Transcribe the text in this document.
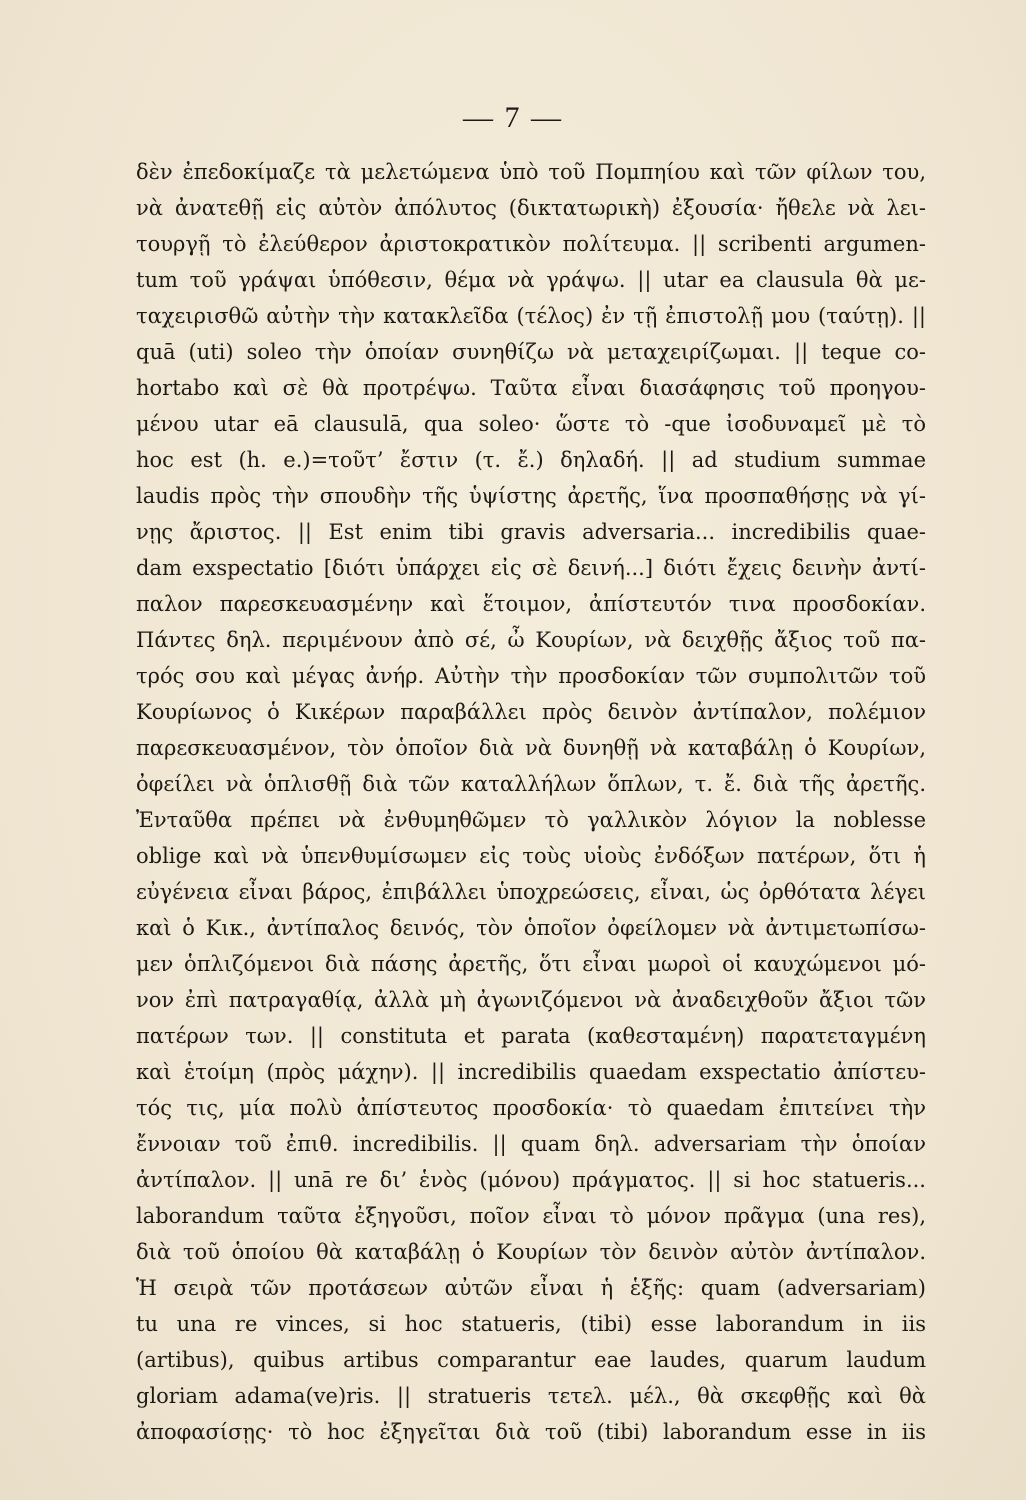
— 7 —
δὲν ἐπεδοκίμαζε τὰ μελετώμενα ὑπὸ τοῦ Πομπηίου καὶ τῶν φίλων του,
νὰ ἀνατεθῇ εἰς αὐτὸν ἀπόλυτος (δικτατωρικὴ) ἐξουσία· ἤθελε νὰ λει-
τουργῇ τὸ ἐλεύθερον ἀριστοκρατικὸν πολίτευμα. || scribenti argumen-
tum τοῦ γράψαι ὑπόθεσιν, θέμα νὰ γράψω. || utar ea clausula θὰ με-
ταχειρισθῶ αὐτὴν τὴν κατακλεῖδα (τέλος) ἐν τῇ ἐπιστολῇ μου (ταύτῃ). ||
quā (uti) soleo τὴν ὁποίαν συνηθίζω νὰ μεταχειρίζωμαι. || teque co-
hortabo καὶ σὲ θὰ προτρέψω. Ταῦτα εἶναι διασάφησις τοῦ προηγου-
μένου utar eā clausulā, qua soleo· ὥστε τὸ -que ἰσοδυναμεῖ μὲ τὸ
hoc est (h. e.)=τοῦτ’ ἔστιν (τ. ἔ.) δηλαδή. || ad studium summae
laudis πρὸς τὴν σπουδὴν τῆς ὑψίστης ἀρετῆς, ἵνα προσπαθήσῃς νὰ γί-
νῃς ἄριστος. || Est enim tibi gravis adversaria... incredibilis quae-
dam exspectatio [διότι ὑπάρχει εἰς σὲ δεινή...] διότι ἔχεις δεινὴν ἀντί-
παλον παρεσκευασμένην καὶ ἕτοιμον, ἀπίστευτόν τινα προσδοκίαν.
Πάντες δηλ. περιμένουν ἀπὸ σέ, ὦ Κουρίων, νὰ δειχθῇς ἄξιος τοῦ πα-
τρός σου καὶ μέγας ἀνήρ. Αὐτὴν τὴν προσδοκίαν τῶν συμπολιτῶν τοῦ
Κουρίωνος ὁ Κικέρων παραβάλλει πρὸς δεινὸν ἀντίπαλον, πολέμιον
παρεσκευασμένον, τὸν ὁποῖον διὰ νὰ δυνηθῇ νὰ καταβάλῃ ὁ Κουρίων,
ὀφείλει νὰ ὁπλισθῇ διὰ τῶν καταλλήλων ὅπλων, τ. ἔ. διὰ τῆς ἀρετῆς.
Ἐνταῦθα πρέπει νὰ ἐνθυμηθῶμεν τὸ γαλλικὸν λόγιον la noblesse
oblige καὶ νὰ ὑπενθυμίσωμεν εἰς τοὺς υἱοὺς ἐνδόξων πατέρων, ὅτι ἡ
εὐγένεια εἶναι βάρος, ἐπιβάλλει ὑποχρεώσεις, εἶναι, ὡς ὀρθότατα λέγει
καὶ ὁ Κικ., ἀντίπαλος δεινός, τὸν ὁποῖον ὀφείλομεν νὰ ἀντιμετωπίσω-
μεν ὁπλιζόμενοι διὰ πάσης ἀρετῆς, ὅτι εἶναι μωροὶ οἱ καυχώμενοι μό-
νον ἐπὶ πατραγαθίᾳ, ἀλλὰ μὴ ἀγωνιζόμενοι νὰ ἀναδειχθοῦν ἄξιοι τῶν
πατέρων των. || constituta et parata (καθεσταμένη) παρατεταγμένη
καὶ ἑτοίμη (πρὸς μάχην). || incredibilis quaedam exspectatio ἀπίστευ-
τός τις, μία πολὺ ἀπίστευτος προσδοκία· τὸ quaedam ἐπιτείνει τὴν
ἔννοιαν τοῦ ἐπιθ. incredibilis. || quam δηλ. adversariam τὴν ὁποίαν
ἀντίπαλον. || unā re δι’ ἑνὸς (μόνου) πράγματος. || si hoc statueris...
laborandum ταῦτα ἐξηγοῦσι, ποῖον εἶναι τὸ μόνον πρᾶγμα (una res),
διὰ τοῦ ὁποίου θὰ καταβάλῃ ὁ Κουρίων τὸν δεινὸν αὐτὸν ἀντίπαλον.
Ἡ σειρὰ τῶν προτάσεων αὐτῶν εἶναι ἡ ἑξῆς: quam (adversariam)
tu una re vinces, si hoc statueris, (tibi) esse laborandum in iis
(artibus), quibus artibus comparantur eae laudes, quarum laudum
gloriam adama(ve)ris. || stratueris τετελ. μέλ., θὰ σκεφθῇς καὶ θὰ
ἀποφασίσῃς· τὸ hoc ἐξηγεῖται διὰ τοῦ (tibi) laborandum esse in iis
